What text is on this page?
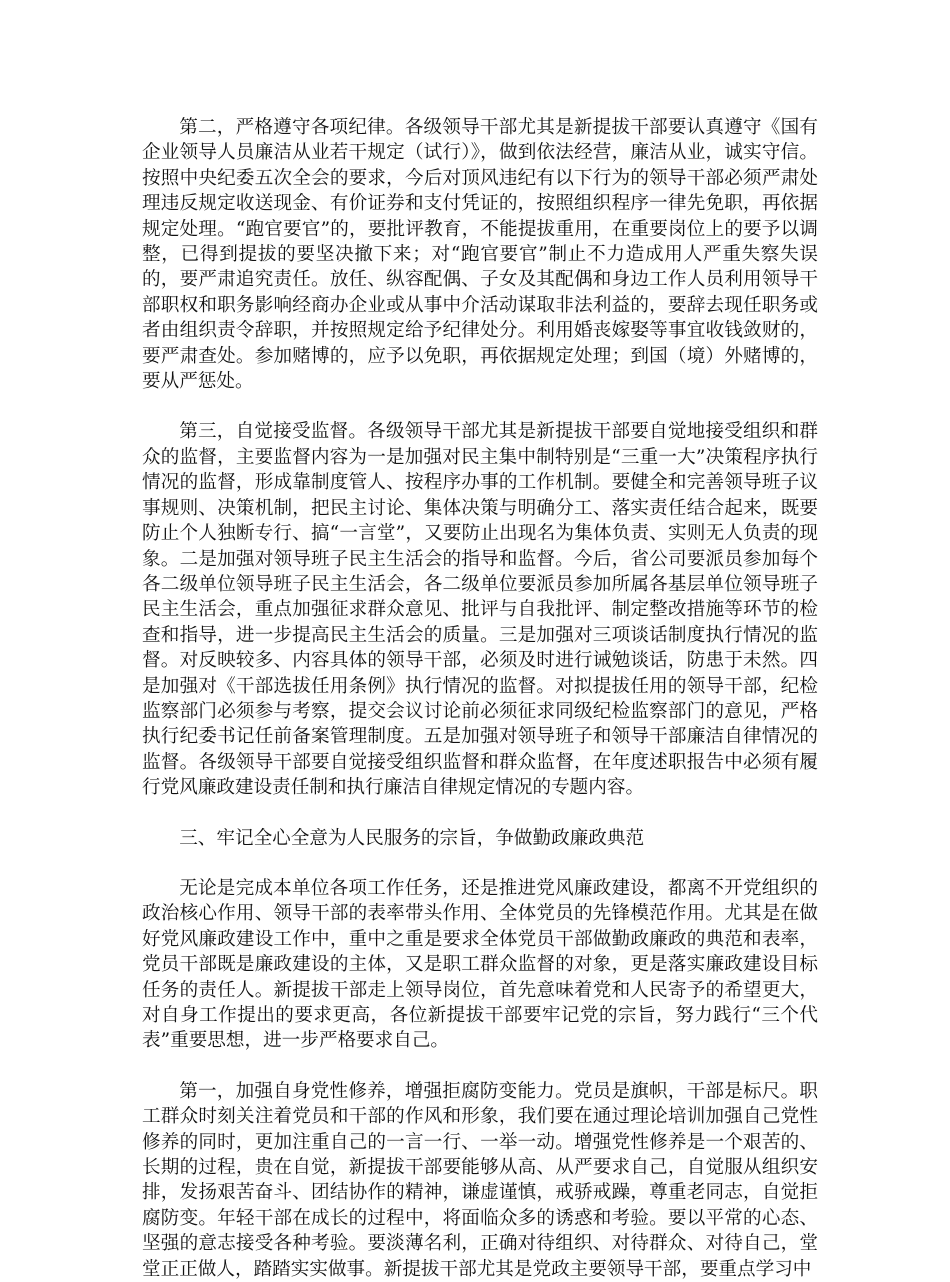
第二，严格遵守各项纪律。各级领导干部尤其是新提拔干部要认真遵守《国有企业领导人员廉洁从业若干规定（试行）》，做到依法经营，廉洁从业，诚实守信。按照中央纪委五次全会的要求，今后对顶风违纪有以下行为的领导干部必须严肃处理违反规定收送现金、有价证券和支付凭证的，按照组织程序一律先免职，再依据规定处理。“跑官要官”的，要批评教育，不能提拔重用，在重要岗位上的要予以调整，已得到提拔的要坚决撤下来；对“跑官要官”制止不力造成用人严重失察失误的，要严肃追究责任。放任、纵容配偶、子女及其配偶和身边工作人员利用领导干部职权和职务影响经商办企业或从事中介活动谋取非法利益的，要辞去现任职务或者由组织责令辞职，并按照规定给予纪律处分。利用婚丧嫁娶等事宜收钱敛财的，要严肃查处。参加赌博的，应予以免职，再依据规定处理；到国（境）外赌博的，要从严惩处。

第三，自觉接受监督。各级领导干部尤其是新提拔干部要自觉地接受组织和群众的监督，主要监督内容为一是加强对民主集中制特别是“三重一大”决策程序执行情况的监督，形成靠制度管人、按程序办事的工作机制。要健全和完善领导班子议事规则、决策机制，把民主讨论、集体决策与明确分工、落实责任结合起来，既要防止个人独断专行、搞“一言堂”，又要防止出现名为集体负责、实则无人负责的现象。二是加强对领导班子民主生活会的指导和监督。今后，省公司要派员参加每个各二级单位领导班子民主生活会，各二级单位要派员参加所属各基层单位领导班子民主生活会，重点加强征求群众意见、批评与自我批评、制定整改措施等环节的检查和指导，进一步提高民主生活会的质量。三是加强对三项谈话制度执行情况的监督。对反映较多、内容具体的领导干部，必须及时进行诫勉谈话，防患于未然。四是加强对《干部选拔任用条例》执行情况的监督。对拟提拔任用的领导干部，纪检监察部门必须参与考察，提交会议讨论前必须征求同级纪检监察部门的意见，严格执行纪委书记任前备案管理制度。五是加强对领导班子和领导干部廉洁自律情况的监督。各级领导干部要自觉接受组织监督和群众监督，在年度述职报告中必须有履行党风廉政建设责任制和执行廉洁自律规定情况的专题内容。

三、牢记全心全意为人民服务的宗旨，争做勤政廉政典范

无论是完成本单位各项工作任务，还是推进党风廉政建设，都离不开党组织的政治核心作用、领导干部的表率带头作用、全体党员的先锋模范作用。尤其是在做好党风廉政建设工作中，重中之重是要求全体党员干部做勤政廉政的典范和表率，党员干部既是廉政建设的主体，又是职工群众监督的对象，更是落实廉政建设目标任务的责任人。新提拔干部走上领导岗位，首先意味着党和人民寄予的希望更大，对自身工作提出的要求更高，各位新提拔干部要牢记党的宗旨，努力践行“三个代表”重要思想，进一步严格要求自己。

第一，加强自身党性修养，增强拒腐防变能力。党员是旗帜，干部是标尺。职工群众时刻关注着党员和干部的作风和形象，我们要在通过理论培训加强自己党性修养的同时，更加注重自己的一言一行、一举一动。增强党性修养是一个艰苦的、长期的过程，贵在自觉，新提拔干部要能够从高、从严要求自己，自觉服从组织安排，发扬艰苦奋斗、团结协作的精神，谦虚谨慎，戒骄戒躁，尊重老同志，自觉拒腐防变。年轻干部在成长的过程中，将面临众多的诱惑和考验。要以平常的心态、坚强的意志接受各种考验。要淡薄名利，正确对待组织、对待群众、对待自己，堂堂正正做人，踏踏实实做事。新提拔干部尤其是党政主要领导干部，要重点学习中
